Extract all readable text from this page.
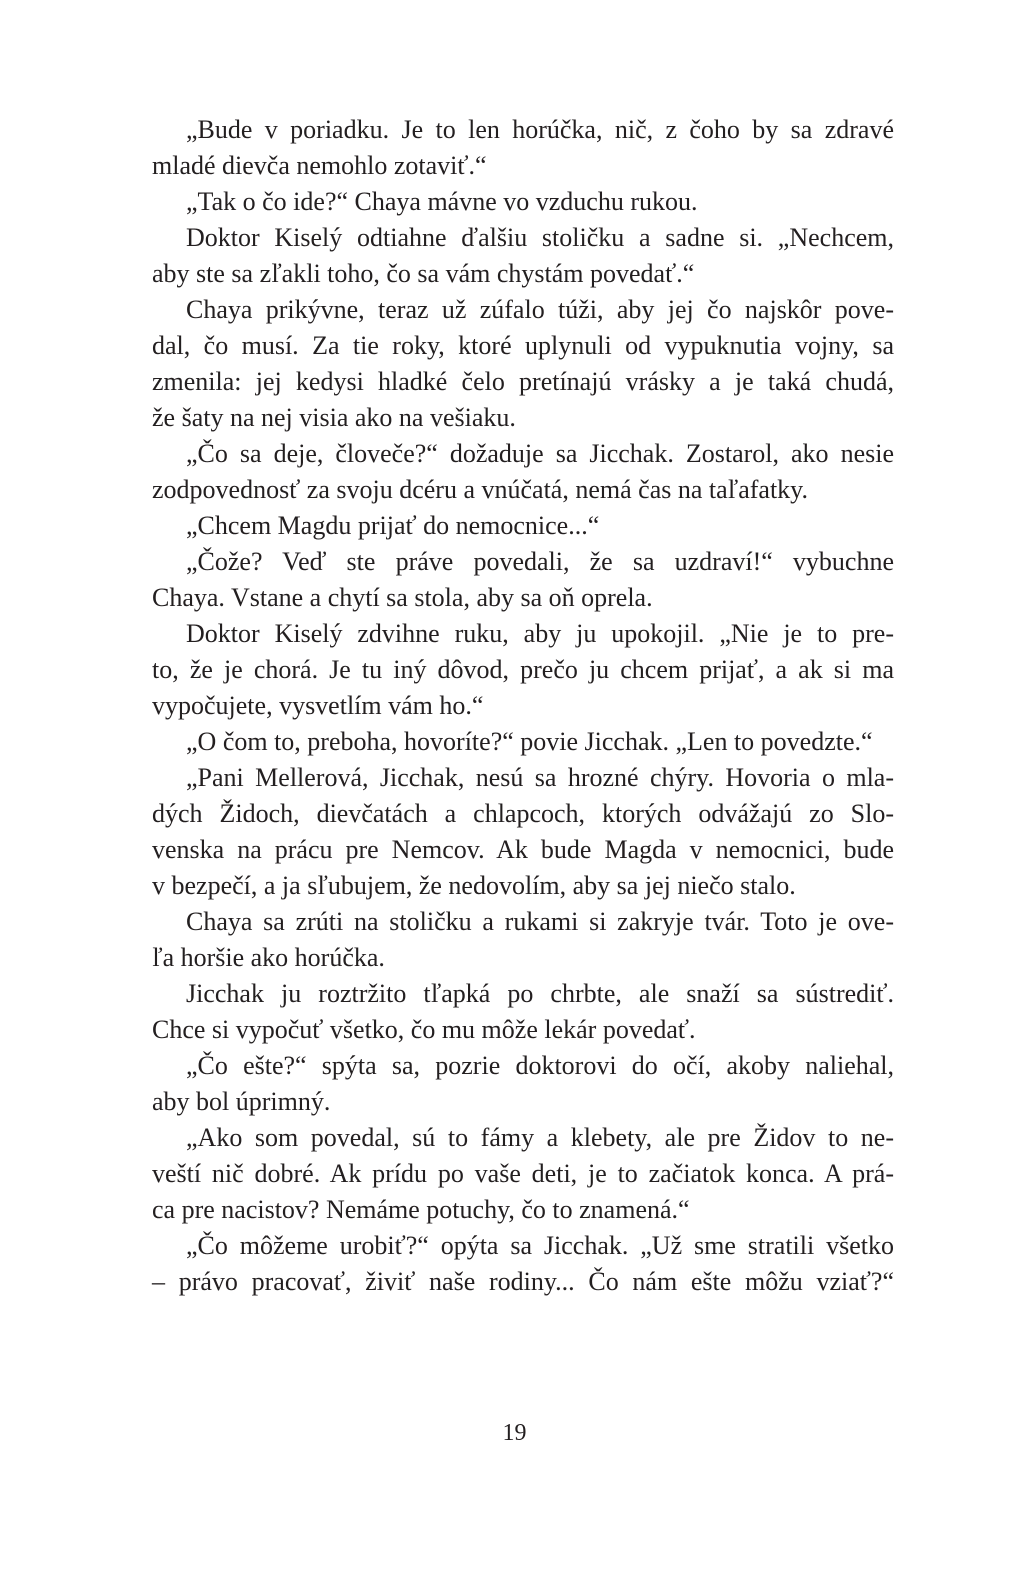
„Bude v poriadku. Je to len horúčka, nič, z čoho by sa zdravé
mladé dievča nemohlo zotaviť.“
„Tak o čo ide?“ Chaya mávne vo vzduchu rukou.
Doktor Kiselý odtiahne ďalšiu stoličku a sadne si. „Nechcem,
aby ste sa zľakli toho, čo sa vám chystám povedať.“
Chaya prikývne, teraz už zúfalo túži, aby jej čo najskôr pove-
dal, čo musí. Za tie roky, ktoré uplynuli od vypuknutia vojny, sa
zmenila: jej kedysi hladké čelo pretínajú vrásky a je taká chudá,
že šaty na nej visia ako na vešiaku.
„Čo sa deje, človeče?“ dožaduje sa Jicchak. Zostarol, ako nesie
zodpovednosť za svoju dcéru a vnúčatá, nemá čas na taľafatky.
„Chcem Magdu prijať do nemocnice...“
„Čože? Veď ste práve povedali, že sa uzdraví!“ vybuchne
Chaya. Vstane a chytí sa stola, aby sa oň oprela.
Doktor Kiselý zdvihne ruku, aby ju upokojil. „Nie je to pre-
to, že je chorá. Je tu iný dôvod, prečo ju chcem prijať, a ak si ma
vypočujete, vysvetlím vám ho.“
„O čom to, preboha, hovoríte?“ povie Jicchak. „Len to povedzte.“
„Pani Mellerová, Jicchak, nesú sa hrozné chýry. Hovoria o mla-
dých Židoch, dievčatách a chlapcoch, ktorých odvážajú zo Slo-
venska na prácu pre Nemcov. Ak bude Magda v nemocnici, bude
v bezpečí, a ja sľubujem, že nedovolím, aby sa jej niečo stalo.
Chaya sa zrúti na stoličku a rukami si zakryje tvár. Toto je ove-
ľa horšie ako horúčka.
Jicchak ju roztržito tľapká po chrbte, ale snaží sa sústrediť.
Chce si vypočuť všetko, čo mu môže lekár povedať.
„Čo ešte?“ spýta sa, pozrie doktorovi do očí, akoby naliehal,
aby bol úprimný.
„Ako som povedal, sú to fámy a klebety, ale pre Židov to ne-
veští nič dobré. Ak prídu po vaše deti, je to začiatok konca. A prá-
ca pre nacistov? Nemáme potuchy, čo to znamená.“
„Čo môžeme urobiť?“ opýta sa Jicchak. „Už sme stratili všetko
– právo pracovať, živiť naše rodiny... Čo nám ešte môžu vziať?“
19
